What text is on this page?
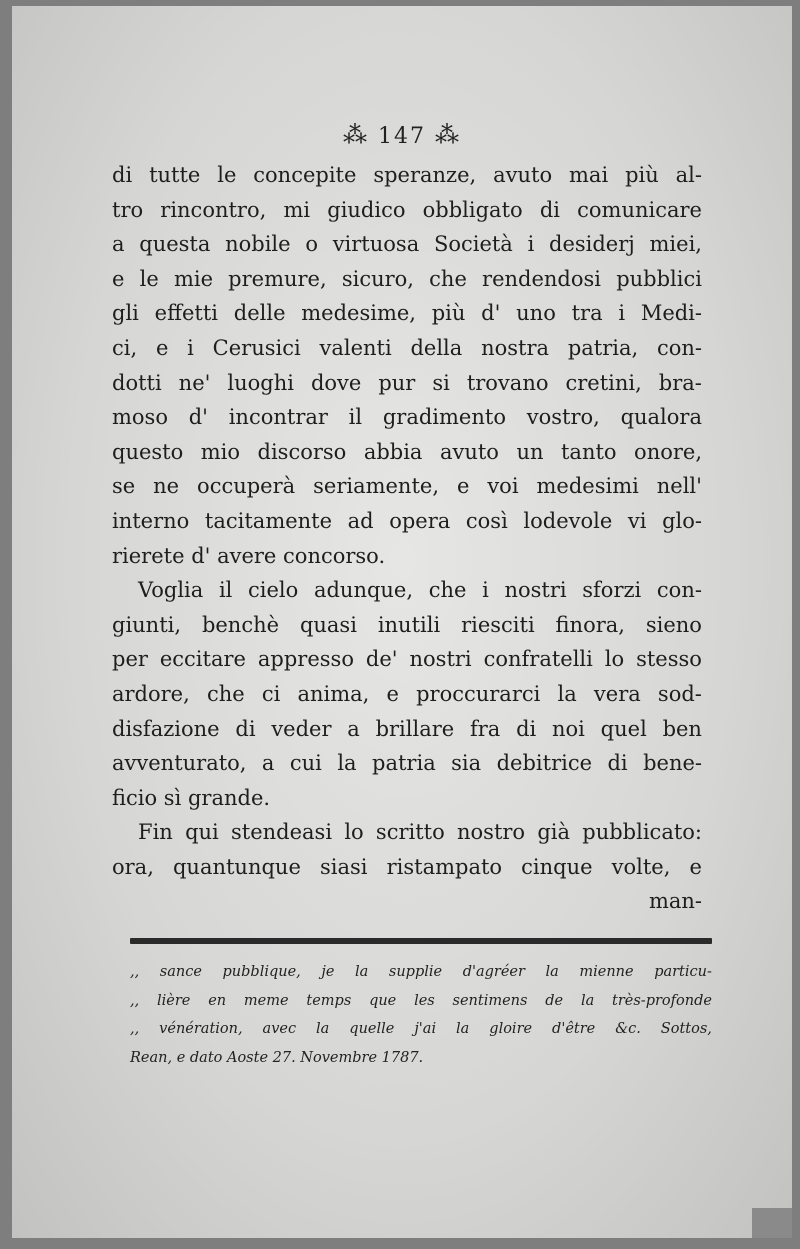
⁂ 147 ⁂
di tutte le concepite speranze, avuto mai più al-
tro rincontro, mi giudico obbligato di comunicare
a questa nobile o virtuosa Società i desiderj miei,
e le mie premure, sicuro, che rendendosi pubblici
gli effetti delle medesime, più d' uno tra i Medi-
ci, e i Cerusici valenti della nostra patria, con-
dotti ne' luoghi dove pur si trovano cretini, bra-
moso d' incontrar il gradimento vostro, qualora
questo mio discorso abbia avuto un tanto onore,
se ne occuperà seriamente, e voi medesimi nell'
interno tacitamente ad opera così lodevole vi glo-
rierete d' avere concorso.
Voglia il cielo adunque, che i nostri sforzi con-
giunti, benchè quasi inutili riesciti finora, sieno
per eccitare appresso de' nostri confratelli lo stesso
ardore, che ci anima, e proccurarci la vera sod-
disfazione di veder a brillare fra di noi quel ben
avventurato, a cui la patria sia debitrice di bene-
ficio sì grande.
Fin qui stendeasi lo scritto nostro già pubblicato:
ora, quantunque siasi ristampato cinque volte, e
man-
,, sance pubblique, je la supplie d'agréer la mienne particu-
,, lière en meme temps que les sentimens de la très-profonde
,, vénération, avec la quelle j'ai la gloire d'être &c. Sottos,
Rean, e dato Aoste 27. Novembre 1787.
